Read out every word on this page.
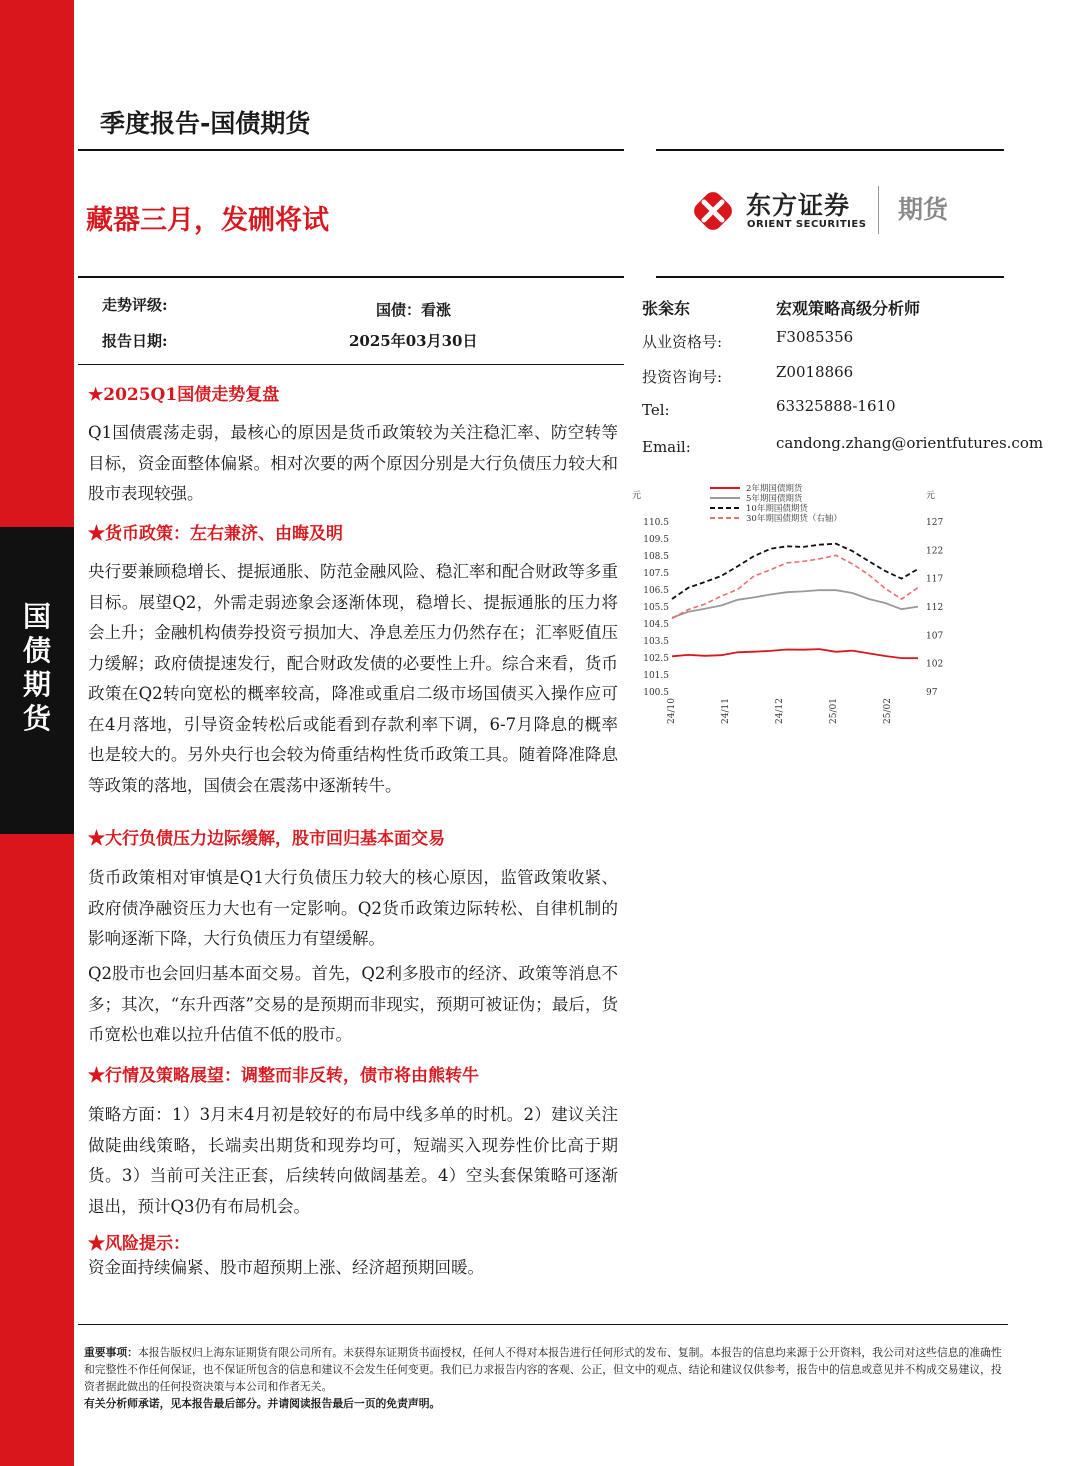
国
债
期
货
季度报告-国债期货
藏器三月，发硎将试	东方证券
ORIENT SECURITIES
期货
走势评级:	国债：看涨
报告日期:	2025年03月30日
张枀东	宏观策略高级分析师
从业资格号:	F3085356
投资咨询号:	Z0018866
Tel:	63325888-1610
Email:	candong.zhang@orientfutures.com
元	元
110.5
109.5
108.5
107.5
106.5
105.5
104.5
103.5
102.5
101.5
100.5
127
122
117
112
107
102
97
24/10	24/11	24/12	25/01	25/02
2年期国债期货
5年期国债期货
10年期国债期货
30年期国债期货（右轴）
★2025Q1国债走势复盘
Q1国债震荡走弱，最核心的原因是货币政策较为关注稳汇率、防空转等目标，资金面整体偏紧。相对次要的两个原因分别是大行负债压力较大和股市表现较强。
★货币政策：左右兼济、由晦及明
央行要兼顾稳增长、提振通胀、防范金融风险、稳汇率和配合财政等多重目标。展望Q2，外需走弱迹象会逐渐体现，稳增长、提振通胀的压力将会上升；金融机构债券投资亏损加大、净息差压力仍然存在；汇率贬值压力缓解；政府债提速发行，配合财政发债的必要性上升。综合来看，货币政策在Q2转向宽松的概率较高，降准或重启二级市场国债买入操作应可在4月落地，引导资金转松后或能看到存款利率下调，6-7月降息的概率也是较大的。另外央行也会较为倚重结构性货币政策工具。随着降准降息等政策的落地，国债会在震荡中逐渐转牛。
★大行负债压力边际缓解，股市回归基本面交易
货币政策相对审慎是Q1大行负债压力较大的核心原因，监管政策收紧、政府债净融资压力大也有一定影响。Q2货币政策边际转松、自律机制的影响逐渐下降，大行负债压力有望缓解。
Q2股市也会回归基本面交易。首先，Q2利多股市的经济、政策等消息不多；其次，“东升西落”交易的是预期而非现实，预期可被证伪；最后，货币宽松也难以拉升估值不低的股市。
★行情及策略展望：调整而非反转，债市将由熊转牛
策略方面：1）3月末4月初是较好的布局中线多单的时机。2）建议关注做陡曲线策略，长端卖出期货和现券均可，短端买入现券性价比高于期货。3）当前可关注正套，后续转向做阔基差。4）空头套保策略可逐渐退出，预计Q3仍有布局机会。
★风险提示：
资金面持续偏紧、股市超预期上涨、经济超预期回暖。
重要事项：本报告版权归上海东证期货有限公司所有。未获得东证期货书面授权，任何人不得对本报告进行任何形式的发布、复制。本报告的信息均来源于公开资料，我公司对这些信息的准确性和完整性不作任何保证，也不保证所包含的信息和建议不会发生任何变更。我们已力求报告内容的客观、公正，但文中的观点、结论和建议仅供参考，报告中的信息或意见并不构成交易建议，投资者据此做出的任何投资决策与本公司和作者无关。
有关分析师承诺，见本报告最后部分。并请阅读报告最后一页的免责声明。
